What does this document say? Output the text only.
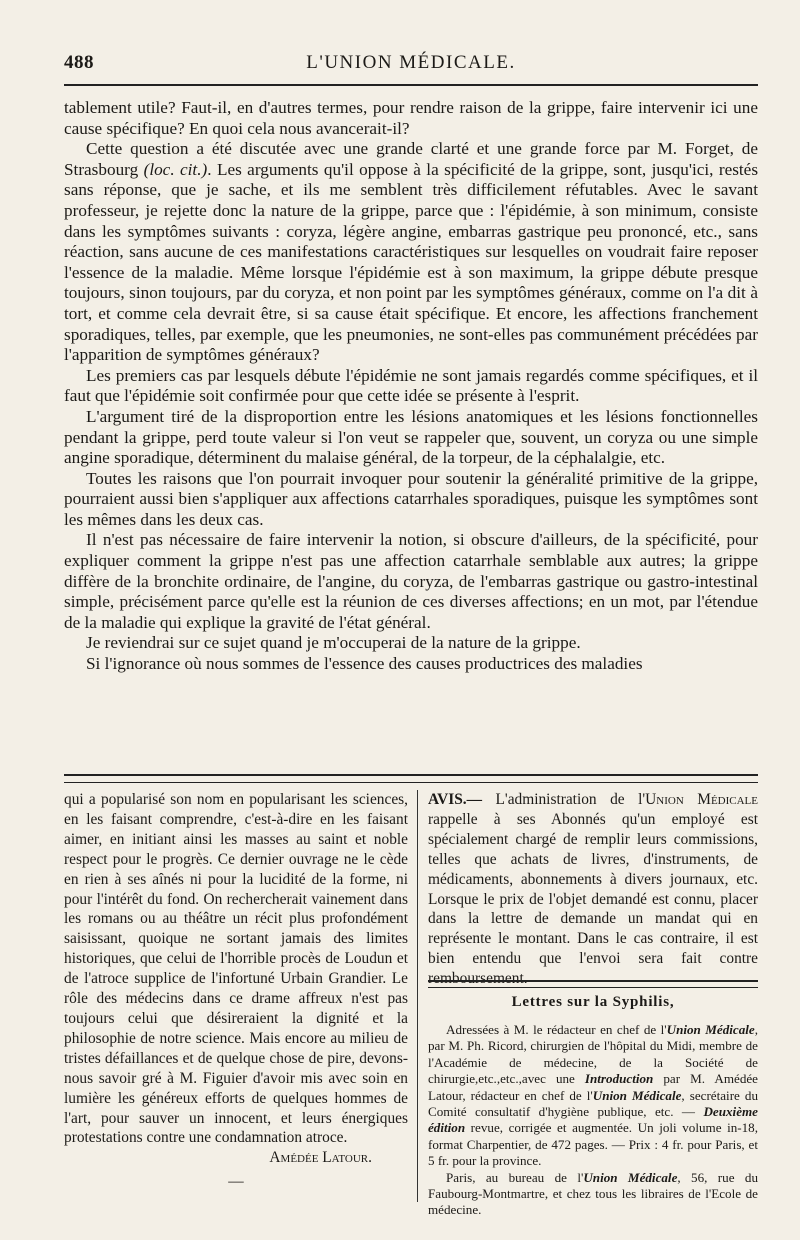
488	L'UNION MÉDICALE.

tablement utile? Faut-il, en d'autres termes, pour rendre raison de la grippe, faire intervenir ici une cause spécifique? En quoi cela nous avancerait-il?

Cette question a été discutée avec une grande clarté et une grande force par M. Forget, de Strasbourg (loc. cit.). Les arguments qu'il oppose à la spécificité de la grippe, sont, jusqu'ici, restés sans réponse, que je sache, et ils me semblent très difficilement réfutables. Avec le savant professeur, je rejette donc la nature de la grippe, parce que : l'épidémie, à son minimum, consiste dans les symptômes suivants : coryza, légère angine, embarras gastrique peu prononcé, etc., sans réaction, sans aucune de ces manifestations caractéristiques sur lesquelles on voudrait faire reposer l'essence de la maladie. Même lorsque l'épidémie est à son maximum, la grippe débute presque toujours, sinon toujours, par du coryza, et non point par les symptômes généraux, comme on l'a dit à tort, et comme cela devrait être, si sa cause était spécifique. Et encore, les affections franchement sporadiques, telles, par exemple, que les pneumonies, ne sont-elles pas communément précédées par l'apparition de symptômes généraux?

Les premiers cas par lesquels débute l'épidémie ne sont jamais regardés comme spécifiques, et il faut que l'épidémie soit confirmée pour que cette idée se présente à l'esprit.

L'argument tiré de la disproportion entre les lésions anatomiques et les lésions fonctionnelles pendant la grippe, perd toute valeur si l'on veut se rappeler que, souvent, un coryza ou une simple angine sporadique, déterminent du malaise général, de la torpeur, de la céphalalgie, etc.

Toutes les raisons que l'on pourrait invoquer pour soutenir la généralité primitive de la grippe, pourraient aussi bien s'appliquer aux affections catarrhales sporadiques, puisque les symptômes sont les mêmes dans les deux cas.

Il n'est pas nécessaire de faire intervenir la notion, si obscure d'ailleurs, de la spécificité, pour expliquer comment la grippe n'est pas une affection catarrhale semblable aux autres; la grippe diffère de la bronchite ordinaire, de l'angine, du coryza, de l'embarras gastrique ou gastro-intestinal simple, précisément parce qu'elle est la réunion de ces diverses affections; en un mot, par l'étendue de la maladie qui explique la gravité de l'état général.

Je reviendrai sur ce sujet quand je m'occuperai de la nature de la grippe.

Si l'ignorance où nous sommes de l'essence des causes productrices des maladies

qui a popularisé son nom en popularisant les sciences, en les faisant comprendre, c'est-à-dire en les faisant aimer, en initiant ainsi les masses au saint et noble respect pour le progrès. Ce dernier ouvrage ne le cède en rien à ses aînés ni pour la lucidité de la forme, ni pour l'intérêt du fond. On rechercherait vainement dans les romans ou au théâtre un récit plus profondément saisissant, quoique ne sortant jamais des limites historiques, que celui de l'horrible procès de Loudun et de l'atroce supplice de l'infortuné Urbain Grandier. Le rôle des médecins dans ce drame affreux n'est pas toujours celui que désireraient la dignité et la philosophie de notre science. Mais encore au milieu de tristes défaillances et de quelque chose de pire, devons-nous savoir gré à M. Figuier d'avoir mis avec soin en lumière les généreux efforts de quelques hommes de l'art, pour sauver un innocent, et leurs énergiques protestations contre une condamnation atroce.

Amédée Latour.

—

AVIS.— L'administration de l'Union Médicale rappelle à ses Abonnés qu'un employé est spécialement chargé de remplir leurs commissions, telles que achats de livres, d'instruments, de médicaments, abonnements à divers journaux, etc. Lorsque le prix de l'objet demandé est connu, placer dans la lettre de demande un mandat qui en représente le montant. Dans le cas contraire, il est bien entendu que l'envoi sera fait contre remboursement.

Lettres sur la Syphilis,

Adressées à M. le rédacteur en chef de l'Union Médicale, par M. Ph. Ricord, chirurgien de l'hôpital du Midi, membre de l'Académie de médecine, de la Société de chirurgie,etc.,etc.,avec une Introduction par M. Amédée Latour, rédacteur en chef de l'Union Médicale, secrétaire du Comité consultatif d'hygiène publique, etc. — Deuxième édition revue, corrigée et augmentée. Un joli volume in-18, format Charpentier, de 472 pages. — Prix : 4 fr. pour Paris, et 5 fr. pour la province.

Paris, au bureau de l'Union Médicale, 56, rue du Faubourg-Montmartre, et chez tous les libraires de l'Ecole de médecine.
